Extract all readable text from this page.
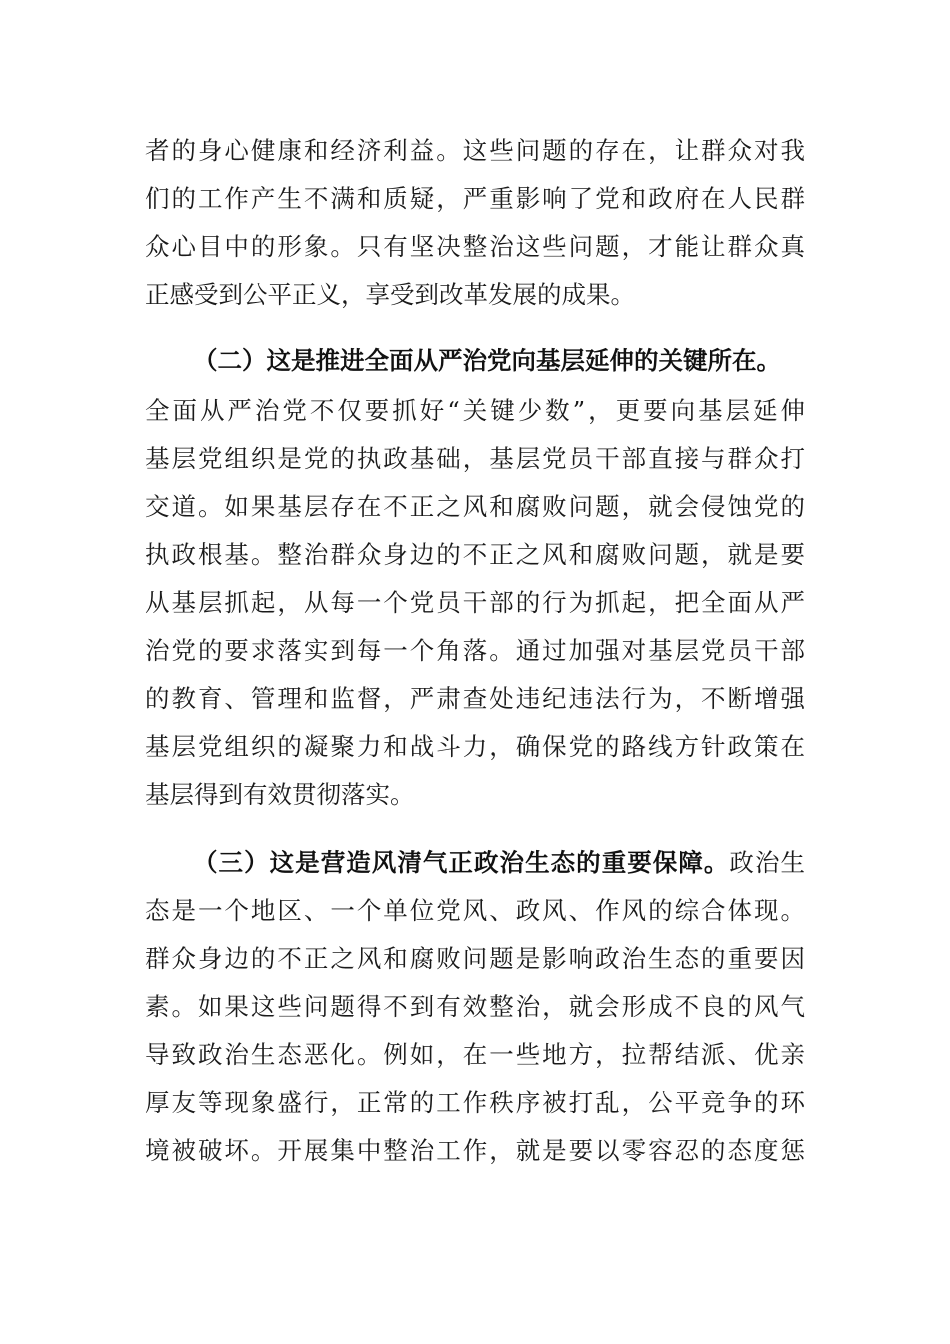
者的身心健康和经济利益。这些问题的存在，让群众对我
们的工作产生不满和质疑，严重影响了党和政府在人民群
众心目中的形象。只有坚决整治这些问题，才能让群众真
正感受到公平正义，享受到改革发展的成果。
（二）这是推进全面从严治党向基层延伸的关键所在。
全面从严治党不仅要抓好“关键少数”，更要向基层延伸
基层党组织是党的执政基础，基层党员干部直接与群众打
交道。如果基层存在不正之风和腐败问题，就会侵蚀党的
执政根基。整治群众身边的不正之风和腐败问题，就是要
从基层抓起，从每一个党员干部的行为抓起，把全面从严
治党的要求落实到每一个角落。通过加强对基层党员干部
的教育、管理和监督，严肃查处违纪违法行为，不断增强
基层党组织的凝聚力和战斗力，确保党的路线方针政策在
基层得到有效贯彻落实。
（三）这是营造风清气正政治生态的重要保障。政治生
态是一个地区、一个单位党风、政风、作风的综合体现。
群众身边的不正之风和腐败问题是影响政治生态的重要因
素。如果这些问题得不到有效整治，就会形成不良的风气
导致政治生态恶化。例如，在一些地方，拉帮结派、优亲
厚友等现象盛行，正常的工作秩序被打乱，公平竞争的环
境被破坏。开展集中整治工作，就是要以零容忍的态度惩
